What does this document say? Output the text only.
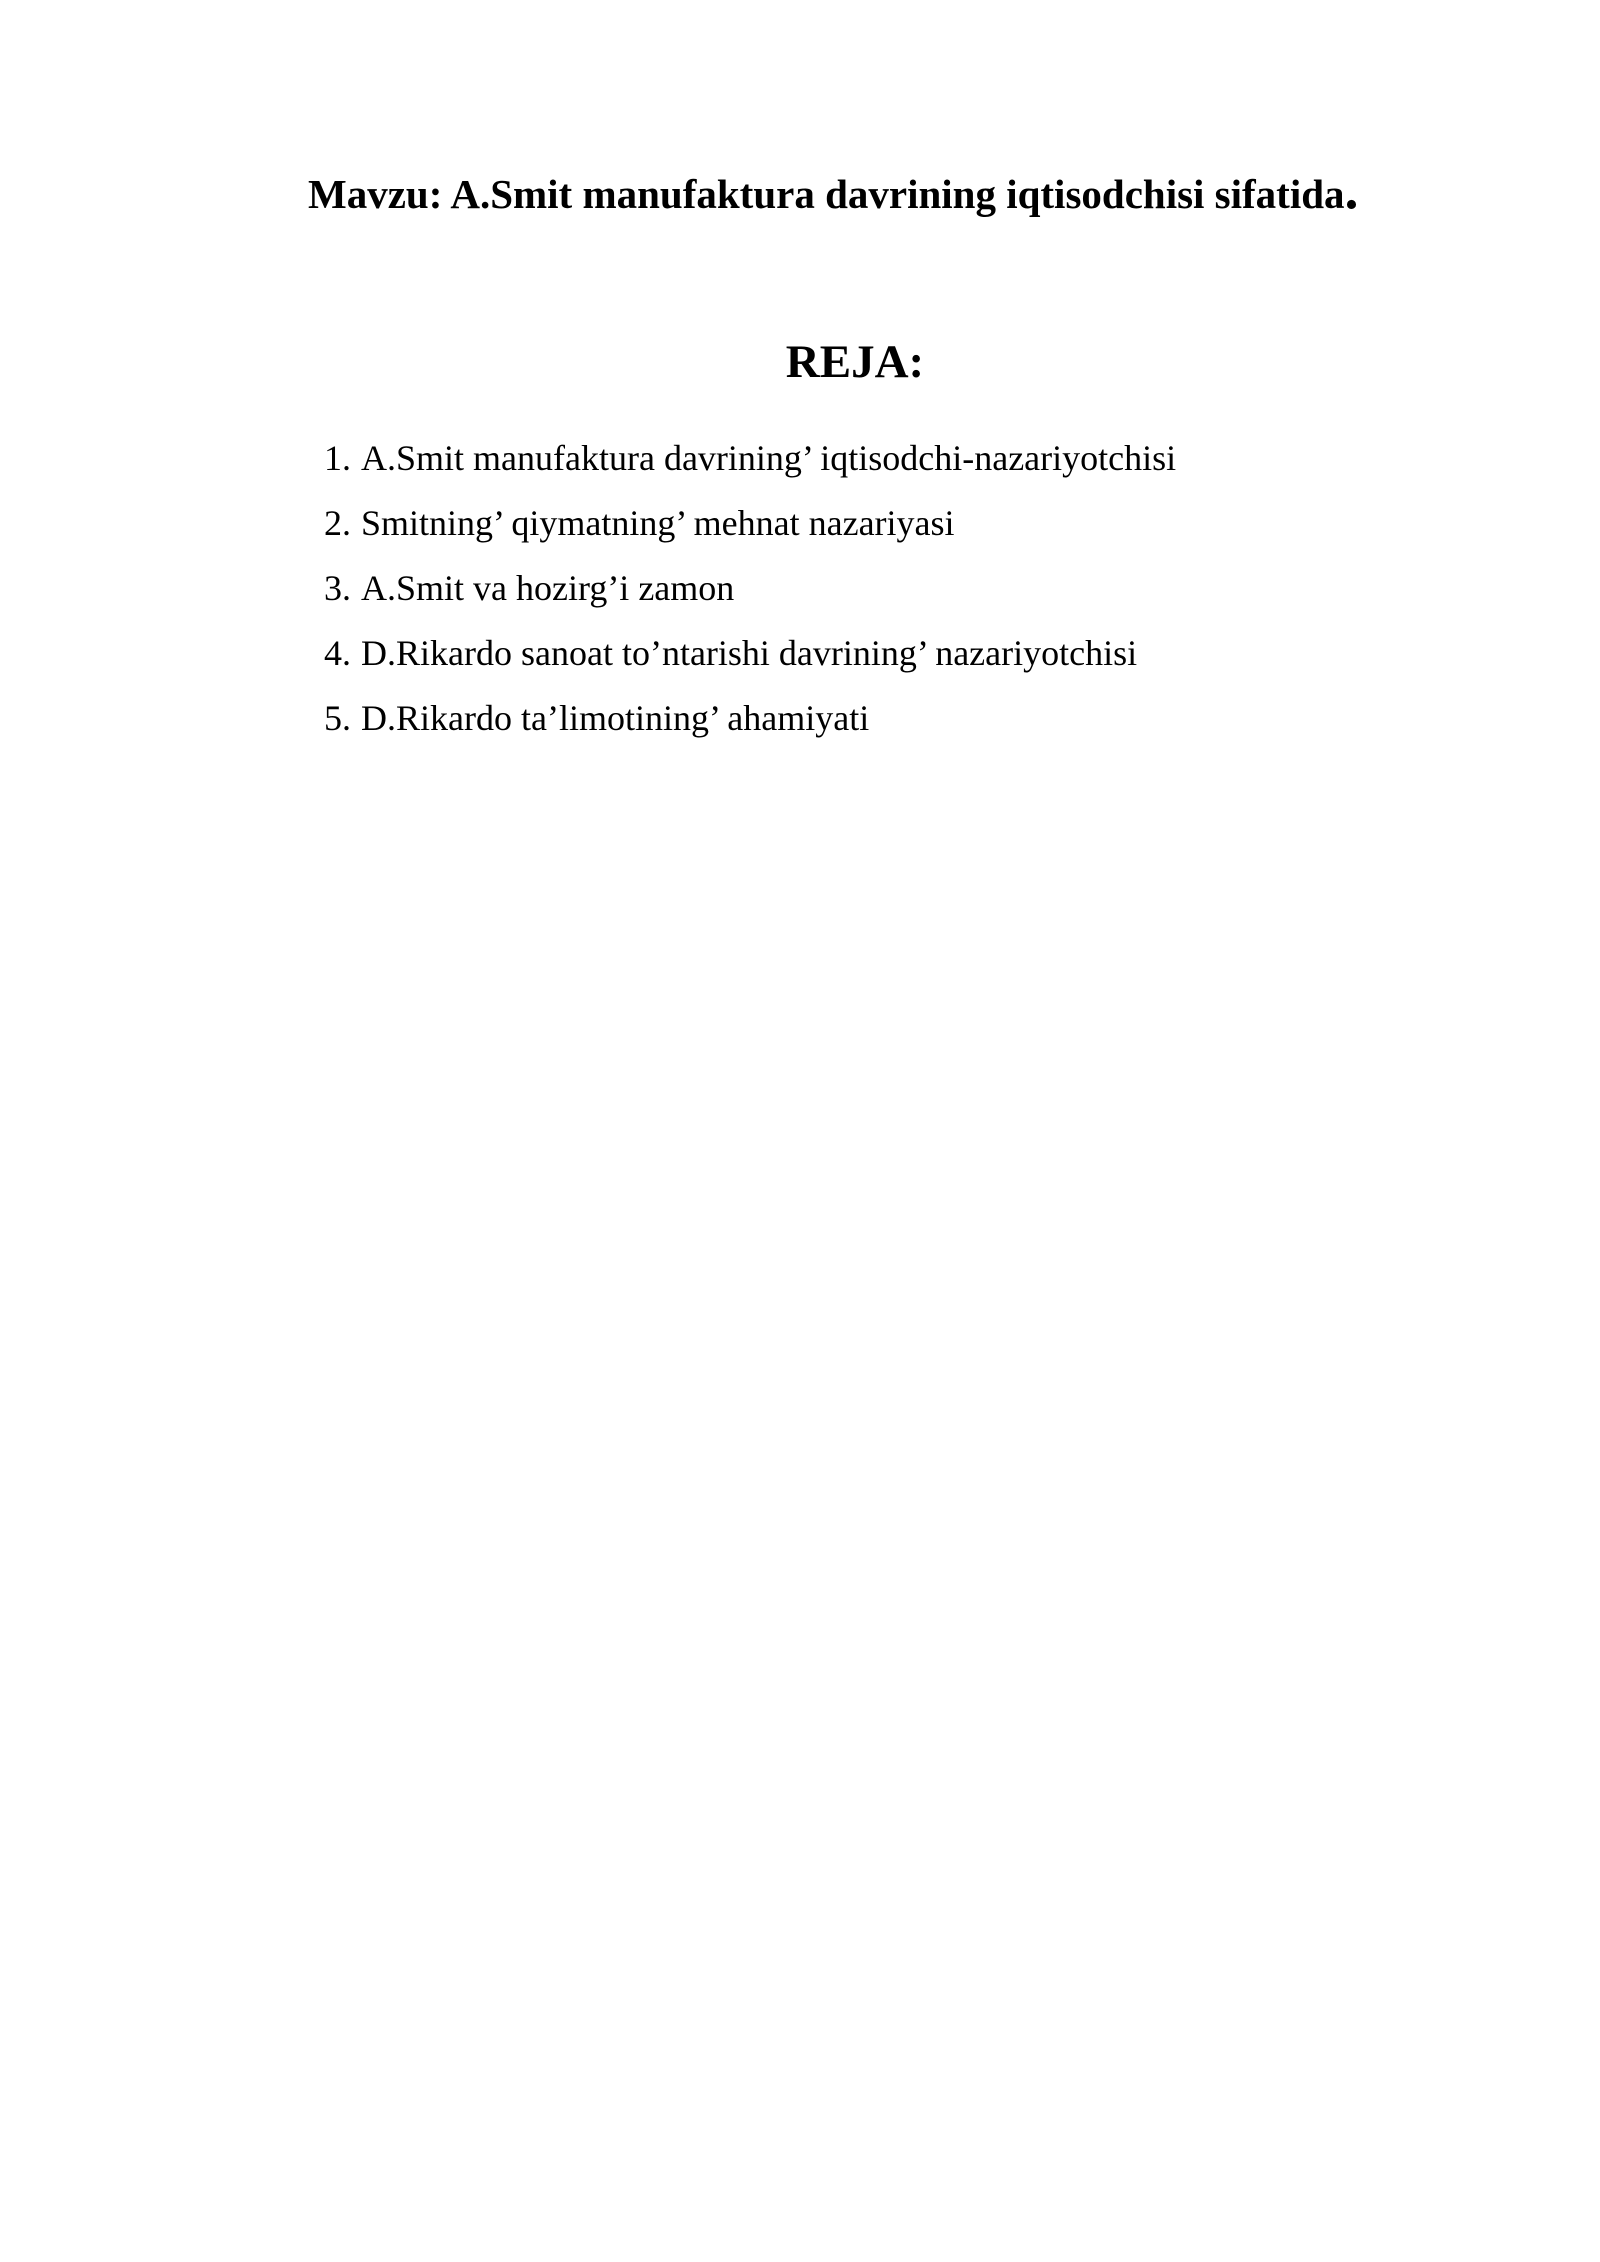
Mavzu: A.Smit manufaktura davrining iqtisodchisi sifatida.
REJA:
1. A.Smit manufaktura davrining’ iqtisodchi-nazariyotchisi
2. Smitning’ qiymatning’ mehnat nazariyasi
3. A.Smit va hozirg’i zamon
4. D.Rikardo sanoat to’ntarishi davrining’ nazariyotchisi
5. D.Rikardo ta’limotining’ ahamiyati
